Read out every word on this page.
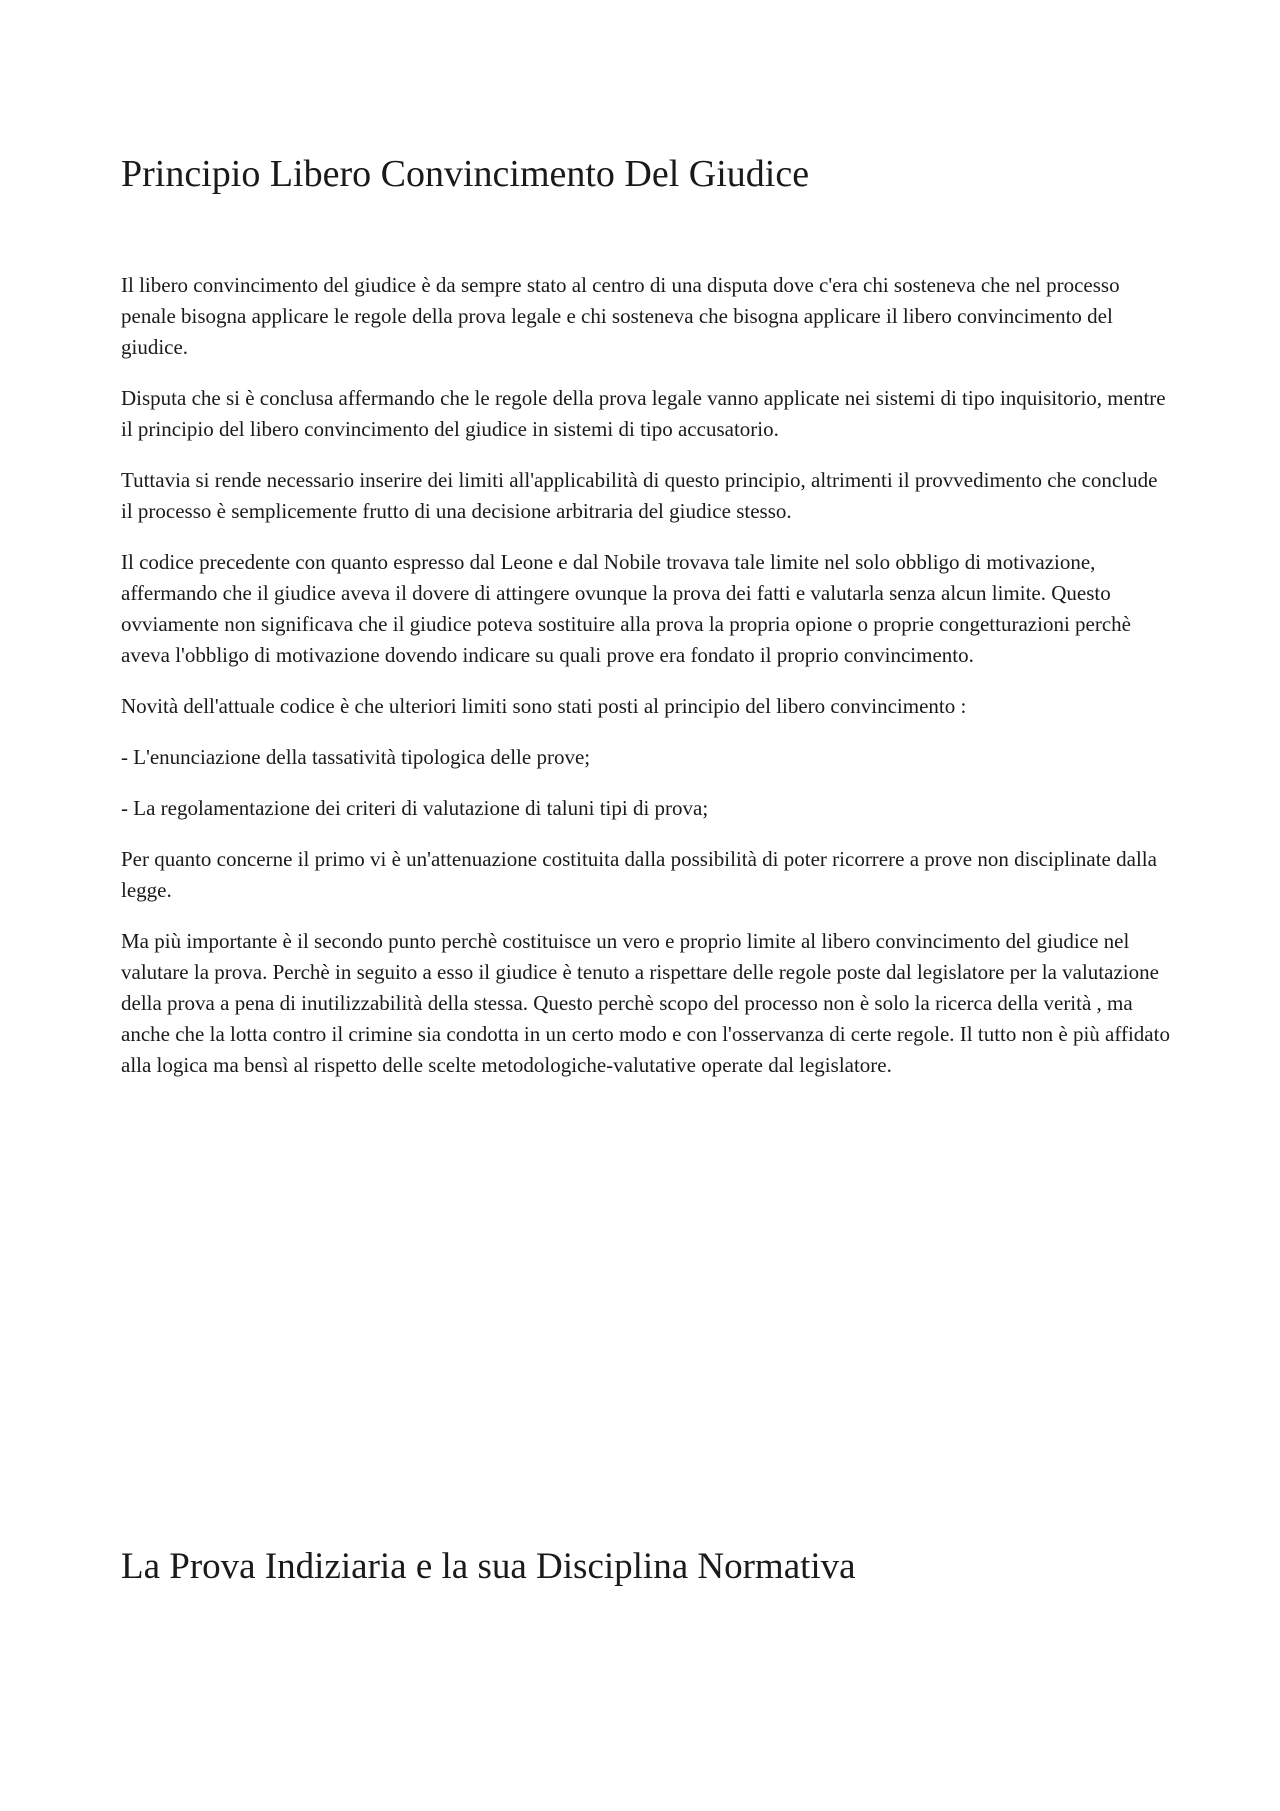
Principio Libero Convincimento Del Giudice

Il libero convincimento del giudice è da sempre stato al centro di una disputa dove c'era chi sosteneva che nel processo penale bisogna applicare le regole della prova legale e chi sosteneva che bisogna applicare il libero convincimento del giudice.

Disputa che si è conclusa affermando che le regole della prova legale vanno applicate nei sistemi di tipo inquisitorio, mentre il principio del libero convincimento del giudice in sistemi di tipo accusatorio.

Tuttavia si rende necessario inserire dei limiti all'applicabilità di questo principio, altrimenti il provvedimento che conclude il processo è semplicemente frutto di una decisione arbitraria del giudice stesso.

Il codice precedente con quanto espresso dal Leone e dal Nobile trovava tale limite nel solo obbligo di motivazione, affermando che il giudice aveva il dovere di attingere ovunque la prova dei fatti e valutarla senza alcun limite. Questo ovviamente non significava che il giudice poteva sostituire alla prova la propria opione o proprie congetturazioni perchè aveva l'obbligo di motivazione dovendo indicare su quali prove era fondato il proprio convincimento.

Novità dell'attuale codice è che ulteriori limiti sono stati posti al principio del libero convincimento :

- L'enunciazione della tassatività tipologica delle prove;

- La regolamentazione dei criteri di valutazione di taluni tipi di prova;

Per quanto concerne il primo vi è un'attenuazione costituita dalla possibilità di poter ricorrere a prove non disciplinate dalla legge.

Ma più importante è il secondo punto perchè costituisce un vero e proprio limite al libero convincimento del giudice nel valutare la prova. Perchè in seguito a esso il giudice è tenuto a rispettare delle regole poste dal legislatore per la valutazione della prova a pena di inutilizzabilità della stessa. Questo perchè scopo del processo non è solo la ricerca della verità , ma anche che la lotta contro il crimine sia condotta in un certo modo e con l'osservanza di certe regole. Il tutto non è più affidato alla logica ma bensì al rispetto delle scelte metodologiche-valutative operate dal legislatore.

La Prova Indiziaria e la sua Disciplina Normativa
